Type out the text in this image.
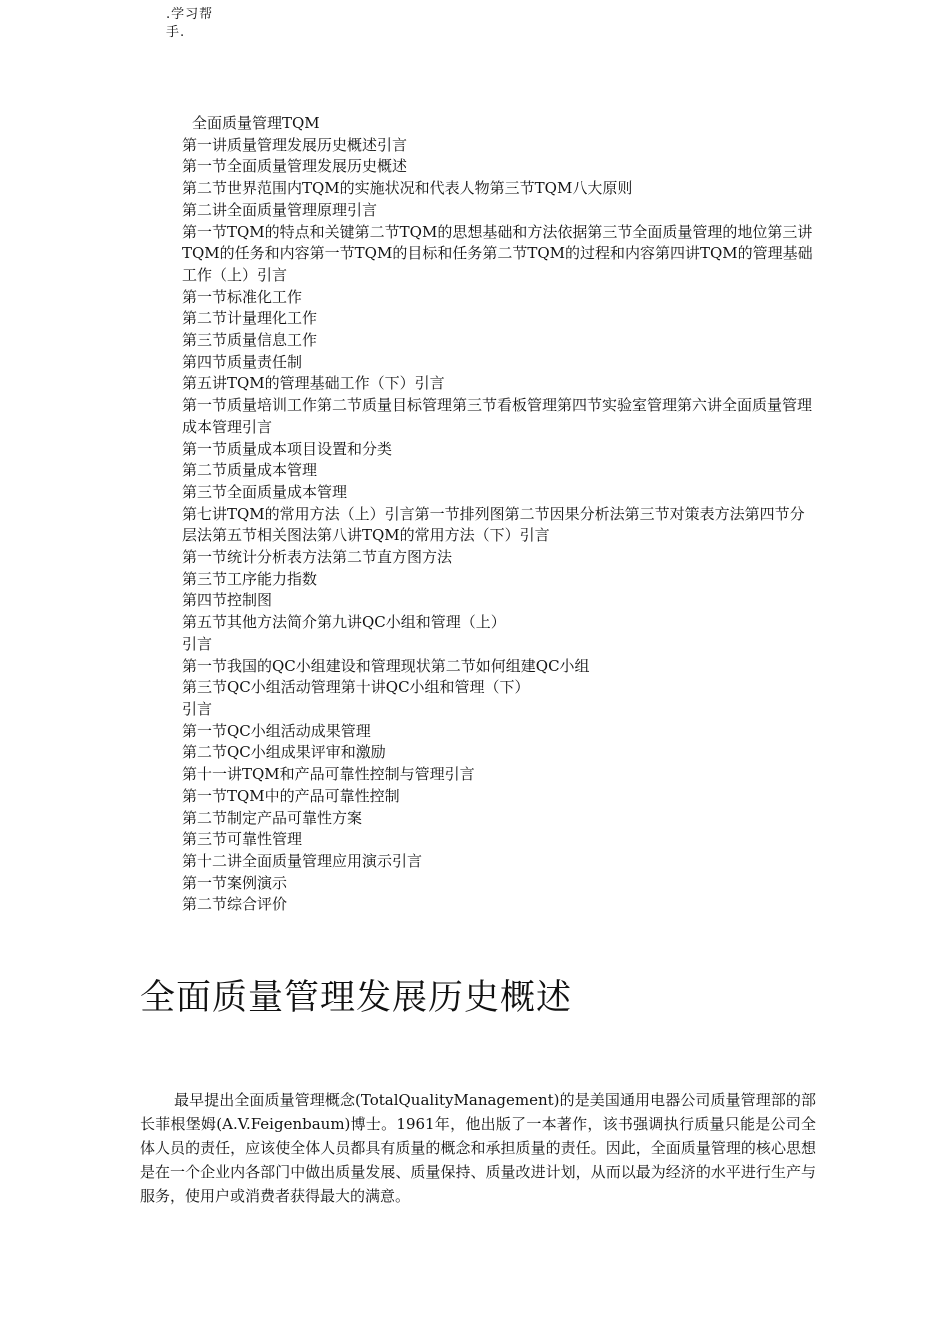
.学习帮手.
全面质量管理TQM
第一讲质量管理发展历史概述引言
第一节全面质量管理发展历史概述
第二节世界范围内TQM的实施状况和代表人物第三节TQM八大原则
第二讲全面质量管理原理引言
第一节TQM的特点和关键第二节TQM的思想基础和方法依据第三节全面质量管理的地位第三讲TQM的任务和内容第一节TQM的目标和任务第二节TQM的过程和内容第四讲TQM的管理基础工作（上）引言
第一节标准化工作
第二节计量理化工作
第三节质量信息工作
第四节质量责任制
第五讲TQM的管理基础工作（下）引言
第一节质量培训工作第二节质量目标管理第三节看板管理第四节实验室管理第六讲全面质量管理成本管理引言
第一节质量成本项目设置和分类
第二节质量成本管理
第三节全面质量成本管理
第七讲TQM的常用方法（上）引言第一节排列图第二节因果分析法第三节对策表方法第四节分层法第五节相关图法第八讲TQM的常用方法（下）引言
第一节统计分析表方法第二节直方图方法
第三节工序能力指数
第四节控制图
第五节其他方法简介第九讲QC小组和管理（上）
引言
第一节我国的QC小组建设和管理现状第二节如何组建QC小组
第三节QC小组活动管理第十讲QC小组和管理（下）
引言
第一节QC小组活动成果管理
第二节QC小组成果评审和激励
第十一讲TQM和产品可靠性控制与管理引言
第一节TQM中的产品可靠性控制
第二节制定产品可靠性方案
第三节可靠性管理
第十二讲全面质量管理应用演示引言
第一节案例演示
第二节综合评价
全面质量管理发展历史概述

最早提出全面质量管理概念(TotalQualityManagement)的是美国通用电器公司质量管理部的部长菲根堡姆(A.V.Feigenbaum)博士。1961年，他出版了一本著作，该书强调执行质量只能是公司全体人员的责任，应该使全体人员都具有质量的概念和承担质量的责任。因此，全面质量管理的核心思想是在一个企业内各部门中做出质量发展、质量保持、质量改进计划，从而以最为经济的水平进行生产与服务，使用户或消费者获得最大的满意。
